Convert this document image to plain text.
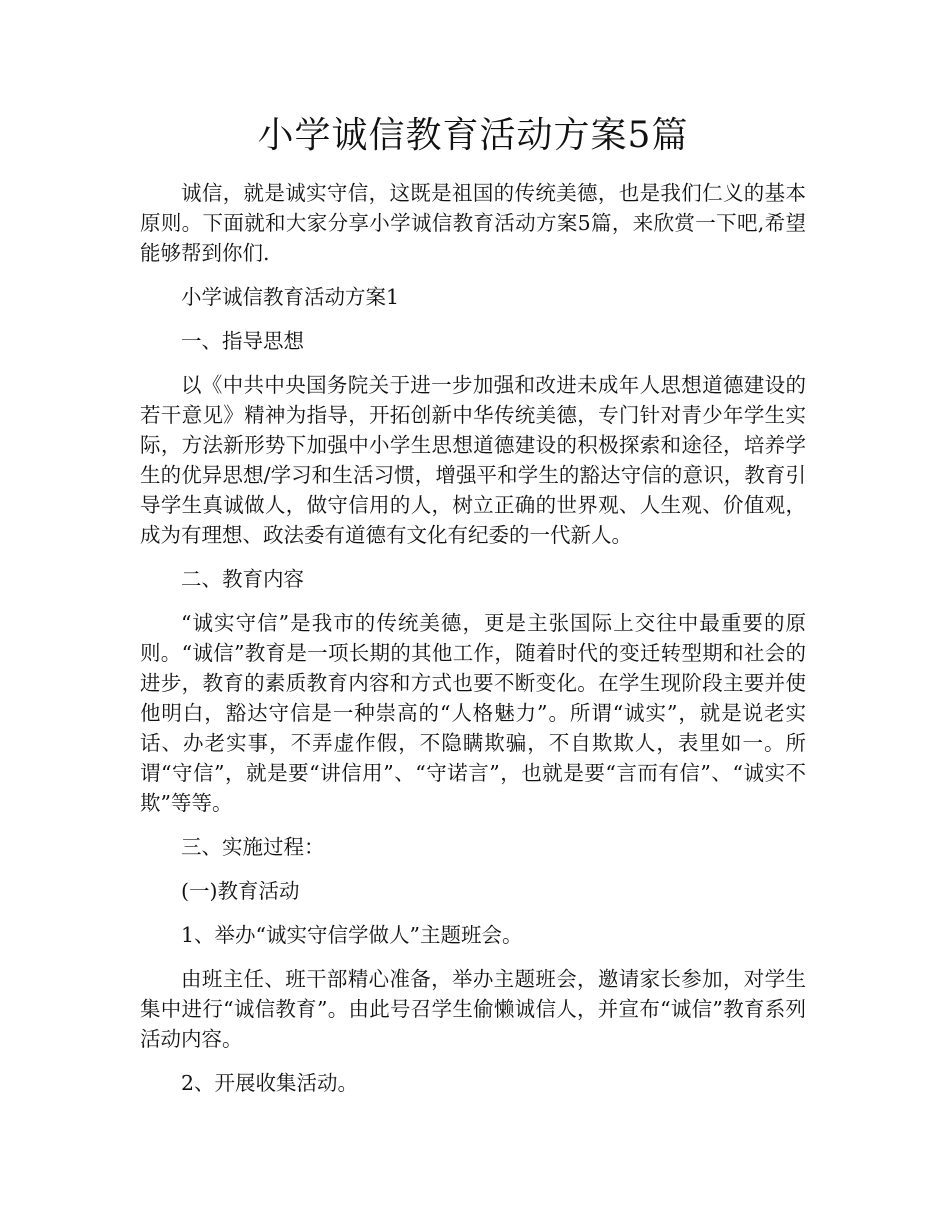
小学诚信教育活动方案5篇

诚信，就是诚实守信，这既是祖国的传统美德，也是我们仁义的基本原则。下面就和大家分享小学诚信教育活动方案5篇，来欣赏一下吧,希望能够帮到你们.

小学诚信教育活动方案1

一、指导思想

以《中共中央国务院关于进一步加强和改进未成年人思想道德建设的若干意见》精神为指导，开拓创新中华传统美德，专门针对青少年学生实际，方法新形势下加强中小学生思想道德建设的积极探索和途径，培养学生的优异思想/学习和生活习惯，增强平和学生的豁达守信的意识，教育引导学生真诚做人，做守信用的人，树立正确的世界观、人生观、价值观，成为有理想、政法委有道德有文化有纪委的一代新人。

二、教育内容

“诚实守信”是我市的传统美德，更是主张国际上交往中最重要的原则。“诚信”教育是一项长期的其他工作，随着时代的变迁转型期和社会的进步，教育的素质教育内容和方式也要不断变化。在学生现阶段主要并使他明白，豁达守信是一种崇高的“人格魅力”。所谓“诚实”，就是说老实话、办老实事，不弄虚作假，不隐瞒欺骗，不自欺欺人，表里如一。所谓“守信”，就是要“讲信用”、“守诺言”，也就是要“言而有信”、“诚实不欺”等等。

三、实施过程：

(一)教育活动

1、举办“诚实守信学做人”主题班会。

由班主任、班干部精心准备，举办主题班会，邀请家长参加，对学生集中进行“诚信教育”。由此号召学生偷懒诚信人，并宣布“诚信”教育系列活动内容。

2、开展收集活动。
